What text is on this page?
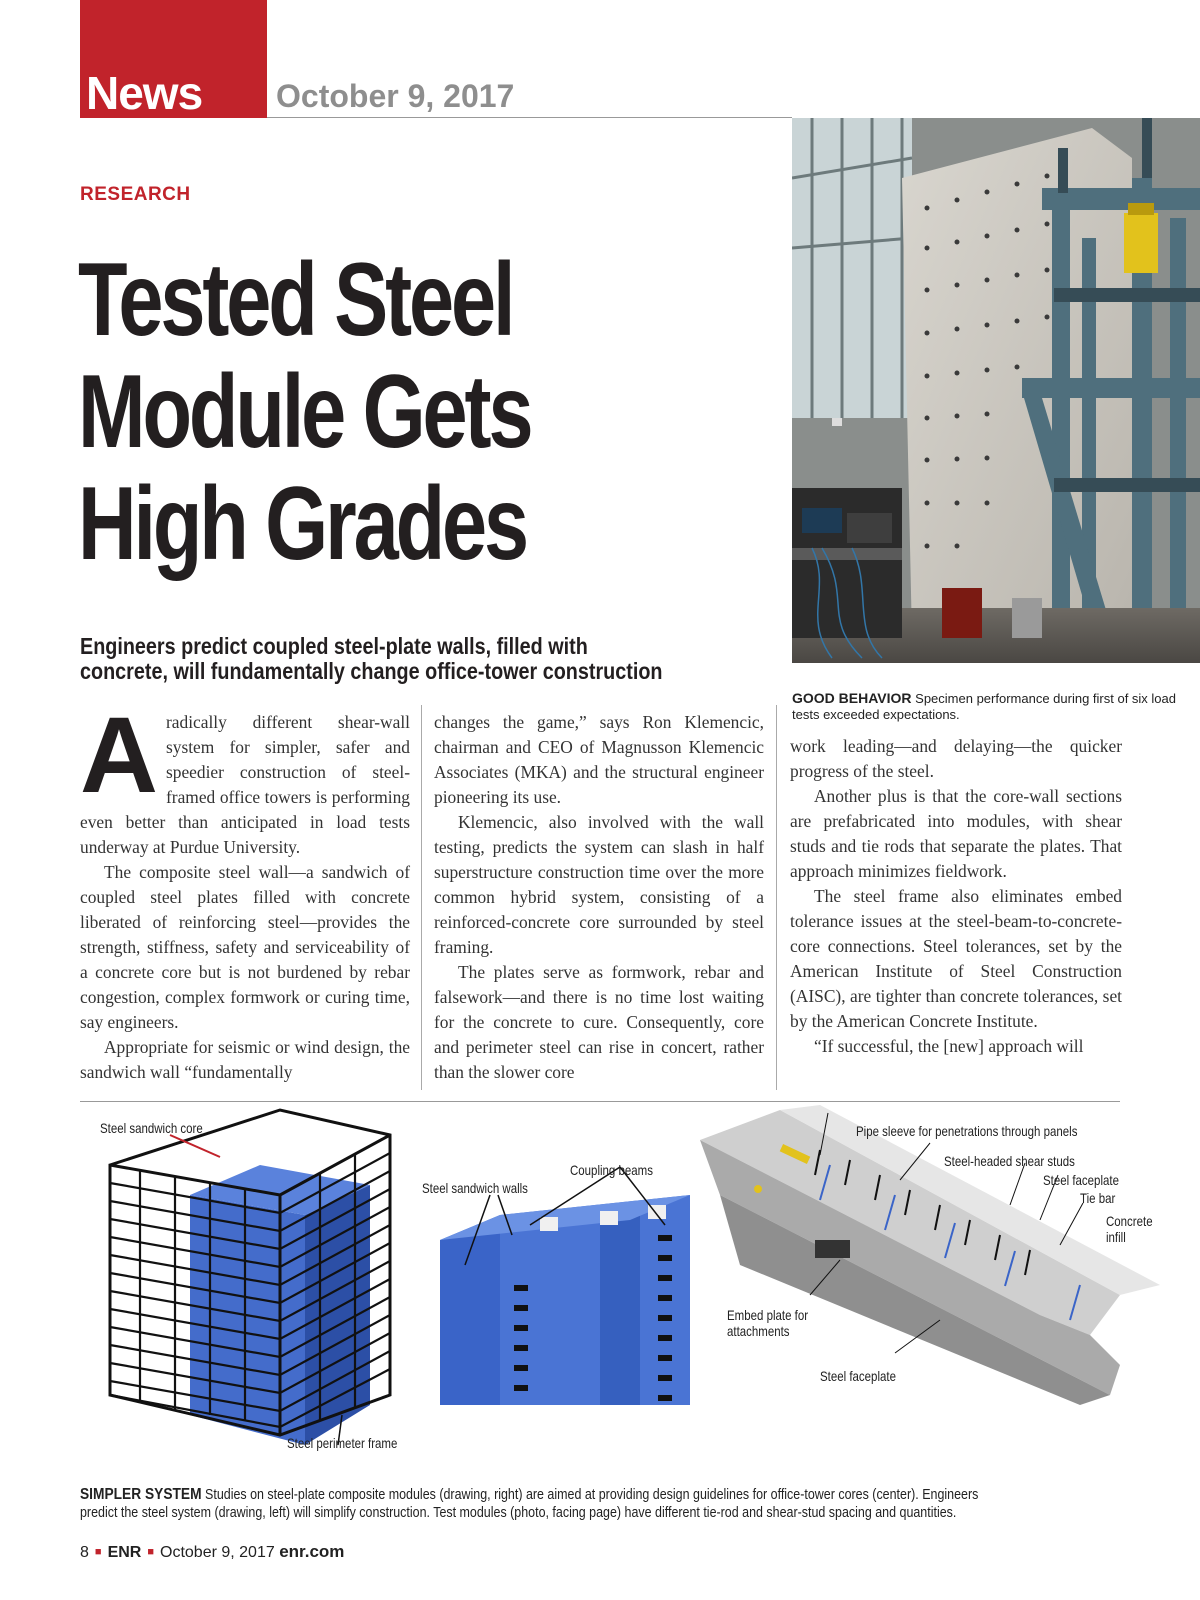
News October 9, 2017
RESEARCH
Tested Steel
Module Gets
High Grades
Engineers predict coupled steel-plate walls, filled with
concrete, will fundamentally change office-tower construction
GOOD BEHAVIOR Specimen performance during first of six load tests exceeded expectations.

Aradically different shear-wall system for simpler, safer and speedier construction of steel-framed office towers is performing even better than anticipated in load tests underway at Purdue University.

The composite steel wall—a sandwich of coupled steel plates filled with concrete liberated of reinforcing steel—provides the strength, stiffness, safety and serviceability of a concrete core but is not burdened by rebar congestion, complex formwork or curing time, say engineers.

Appropriate for seismic or wind design, the sandwich wall “fundamentally

changes the game,” says Ron Klemencic, chairman and CEO of Magnusson Klemencic Associates (MKA) and the structural engineer pioneering its use.

Klemencic, also involved with the wall testing, predicts the system can slash in half superstructure construction time over the more common hybrid system, consisting of a reinforced-concrete core surrounded by steel framing.

The plates serve as formwork, rebar and falsework—and there is no time lost waiting for the concrete to cure. Consequently, core and perimeter steel can rise in concert, rather than the slower core

work leading—and delaying—the quicker progress of the steel.

Another plus is that the core-wall sections are prefabricated into modules, with shear studs and tie rods that separate the plates. That approach minimizes fieldwork.

The steel frame also eliminates embed tolerance issues at the steel-beam-to-concrete-core connections. Steel tolerances, set by the American Institute of Steel Construction (AISC), are tighter than concrete tolerances, set by the American Concrete Institute.

“If successful, the [new] approach will

Steel sandwich core
Steel perimeter frame
Steel sandwich walls
Coupling beams
Pipe sleeve for penetrations through panels
Steel-headed shear studs
Steel faceplate
Tie bar
Concrete
infill
Embed plate for
attachments
Steel faceplate
SIMPLER SYSTEM Studies on steel-plate composite modules (drawing, right) are aimed at providing design guidelines for office-tower cores (center). Engineers
predict the steel system (drawing, left) will simplify construction. Test modules (photo, facing page) have different tie-rod and shear-stud spacing and quantities.
8 ■ ENR ■ October 9, 2017 enr.com
